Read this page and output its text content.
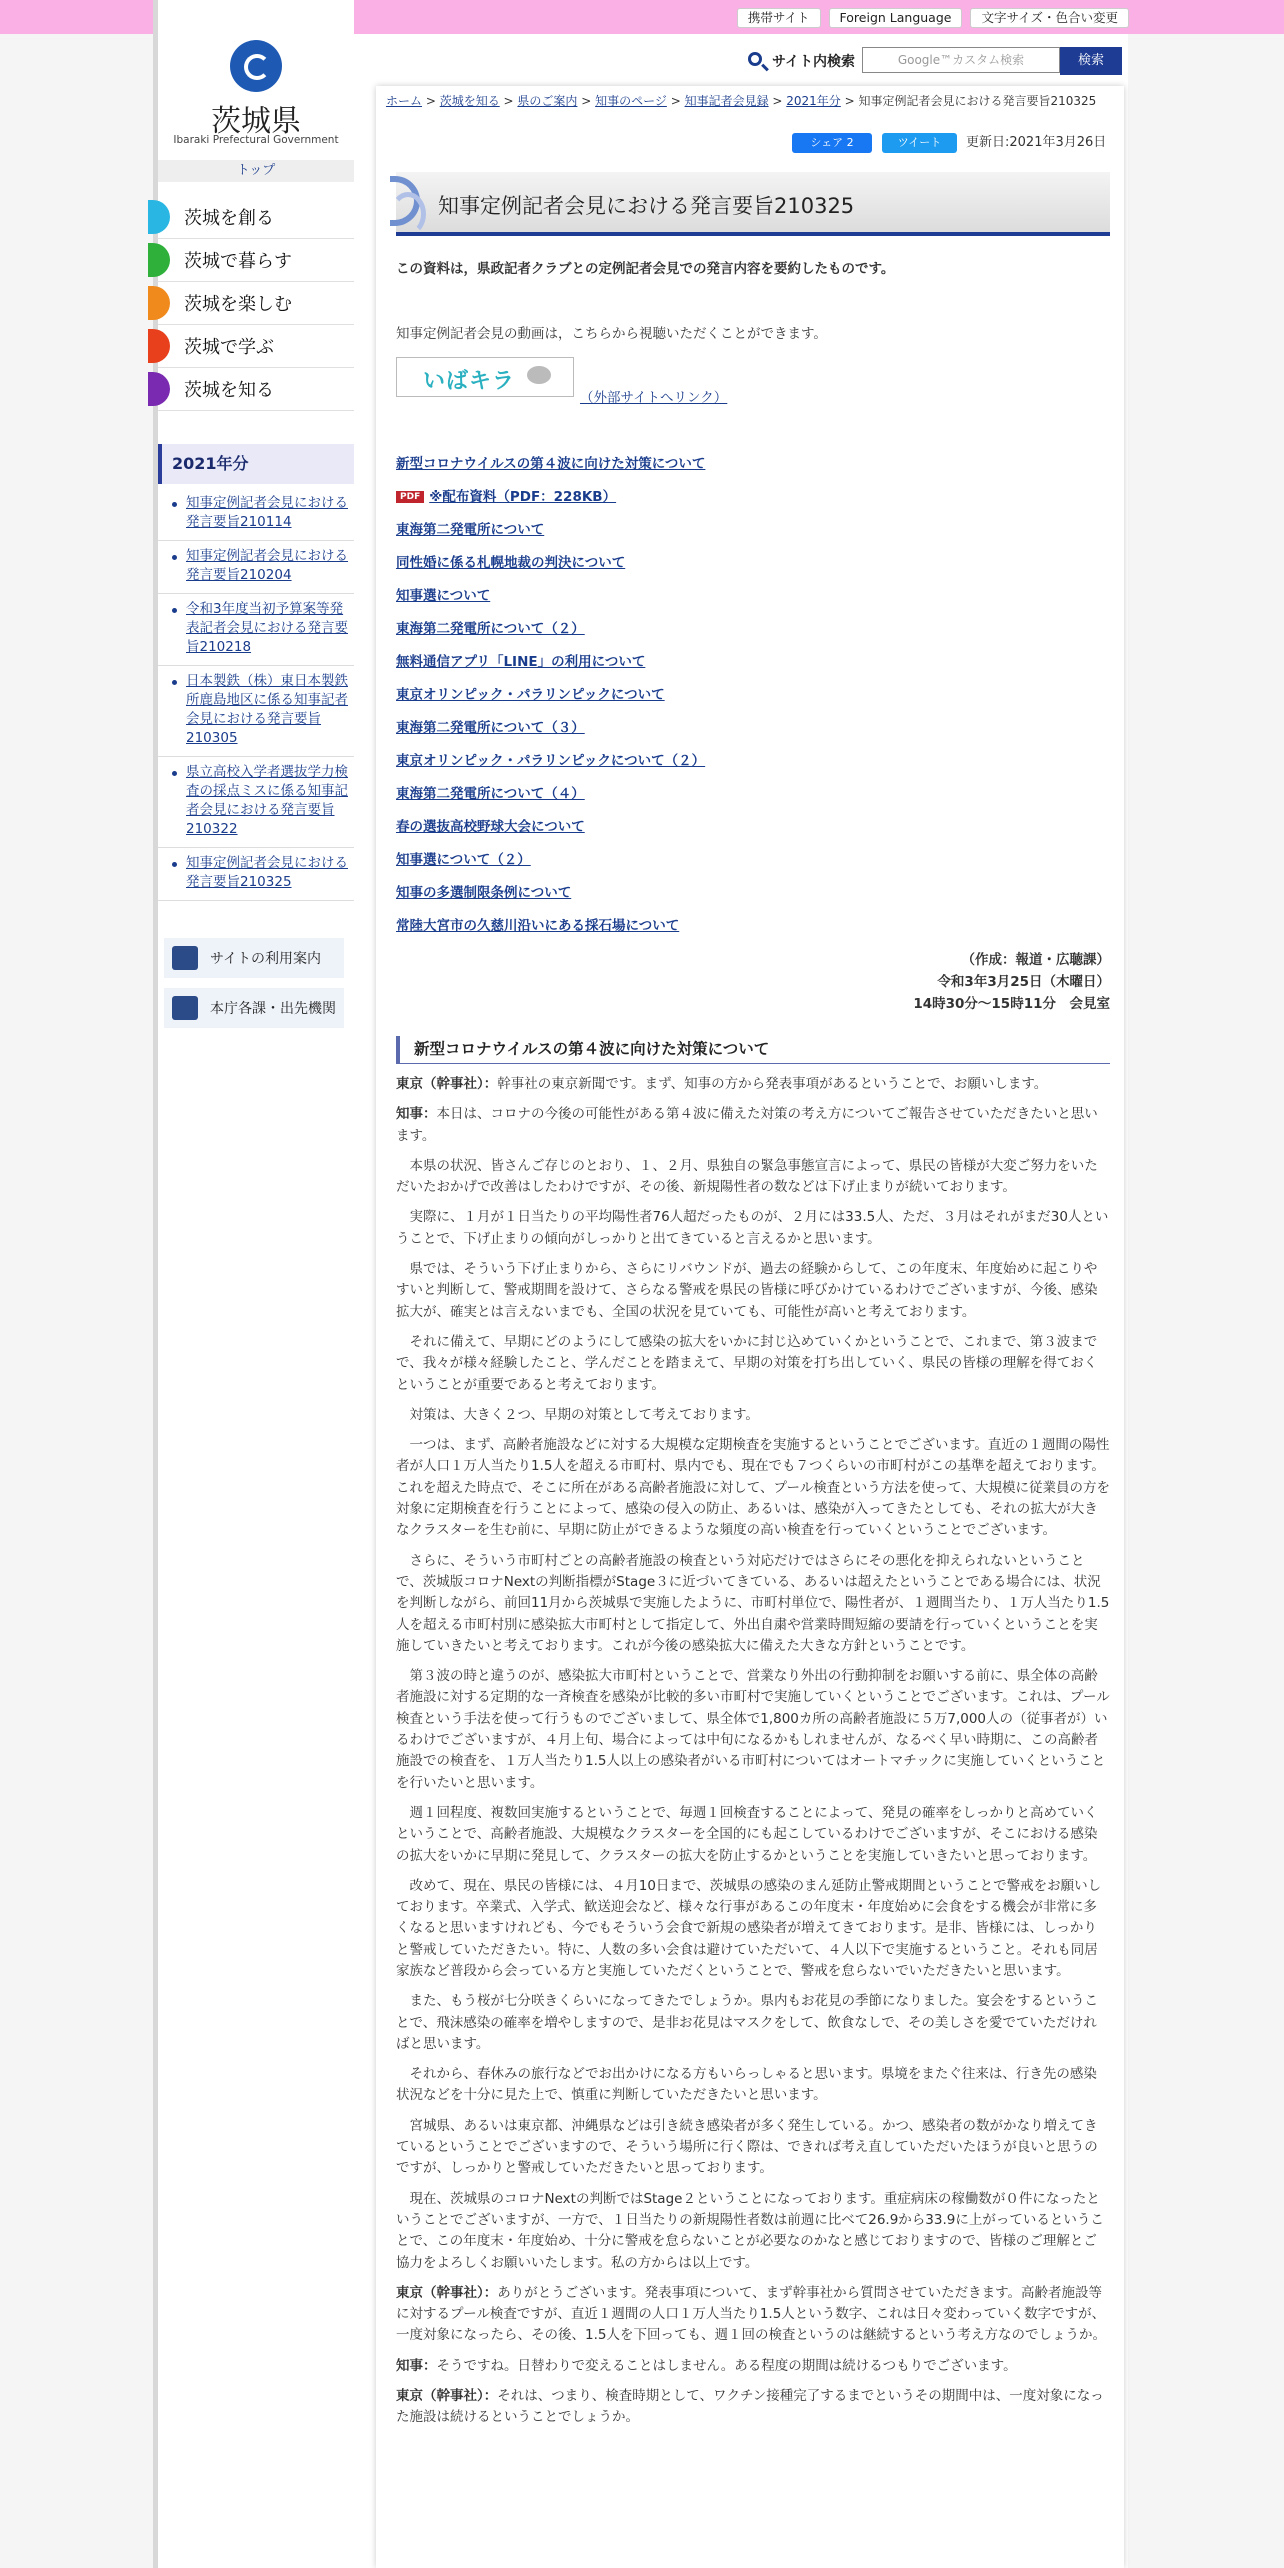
携帯サイト	Foreign Language	文字サイズ・色合い変更
茨城県
Ibaraki Prefectural Government
トップ
茨城を創る
茨城で暮らす
茨城を楽しむ
茨城で学ぶ
茨城を知る
2021年分
知事定例記者会見における発言要旨210114
知事定例記者会見における発言要旨210204
令和3年度当初予算案等発表記者会見における発言要旨210218
日本製鉄（株）東日本製鉄所鹿島地区に係る知事記者会見における発言要旨210305
県立高校入学者選抜学力検査の採点ミスに係る知事記者会見における発言要旨210322
知事定例記者会見における発言要旨210325
サイトの利用案内
本庁各課・出先機関
サイト内検索	Google™カスタム検索	検索
ホーム > 茨城を知る > 県のご案内 > 知事のページ > 知事記者会見録 > 2021年分 > 知事定例記者会見における発言要旨210325
シェア 2	ツイート	更新日:2021年3月26日
知事定例記者会見における発言要旨210325
この資料は，県政記者クラブとの定例記者会見での発言内容を要約したものです。
知事定例記者会見の動画は，こちらから視聴いただくことができます。
いばキラ
（外部サイトへリンク）
新型コロナウイルスの第４波に向けた対策について
PDF ※配布資料（PDF：228KB）
東海第二発電所について
同性婚に係る札幌地裁の判決について
知事選について
東海第二発電所について（２）
無料通信アプリ「LINE」の利用について
東京オリンピック・パラリンピックについて
東海第二発電所について（３）
東京オリンピック・パラリンピックについて（２）
東海第二発電所について（４）
春の選抜高校野球大会について
知事選について（２）
知事の多選制限条例について
常陸大宮市の久慈川沿いにある採石場について
（作成：報道・広聴課）
令和3年3月25日（木曜日）
14時30分～15時11分　会見室
新型コロナウイルスの第４波に向けた対策について

東京（幹事社）：幹事社の東京新聞です。まず、知事の方から発表事項があるということで、お願いします。

知事：本日は、コロナの今後の可能性がある第４波に備えた対策の考え方についてご報告させていただきたいと思います。

本県の状況、皆さんご存じのとおり、１、２月、県独自の緊急事態宣言によって、県民の皆様が大変ご努力をいただいたおかげで改善はしたわけですが、その後、新規陽性者の数などは下げ止まりが続いております。

実際に、１月が１日当たりの平均陽性者76人超だったものが、２月には33.5人、ただ、３月はそれがまだ30人ということで、下げ止まりの傾向がしっかりと出てきていると言えるかと思います。

県では、そういう下げ止まりから、さらにリバウンドが、過去の経験からして、この年度末、年度始めに起こりやすいと判断して、警戒期間を設けて、さらなる警戒を県民の皆様に呼びかけているわけでございますが、今後、感染拡大が、確実とは言えないまでも、全国の状況を見ていても、可能性が高いと考えております。

それに備えて、早期にどのようにして感染の拡大をいかに封じ込めていくかということで、これまで、第３波までで、我々が様々経験したこと、学んだことを踏まえて、早期の対策を打ち出していく、県民の皆様の理解を得ておくということが重要であると考えております。

対策は、大きく２つ、早期の対策として考えております。

一つは、まず、高齢者施設などに対する大規模な定期検査を実施するということでございます。直近の１週間の陽性者が人口１万人当たり1.5人を超える市町村、県内でも、現在でも７つくらいの市町村がこの基準を超えております。これを超えた時点で、そこに所在がある高齢者施設に対して、プール検査という方法を使って、大規模に従業員の方を対象に定期検査を行うことによって、感染の侵入の防止、あるいは、感染が入ってきたとしても、それの拡大が大きなクラスターを生む前に、早期に防止ができるような頻度の高い検査を行っていくということでございます。

さらに、そういう市町村ごとの高齢者施設の検査という対応だけではさらにその悪化を抑えられないということで、茨城版コロナNextの判断指標がStage３に近づいてきている、あるいは超えたということである場合には、状況を判断しながら、前回11月から茨城県で実施したように、市町村単位で、陽性者が、１週間当たり、１万人当たり1.5人を超える市町村別に感染拡大市町村として指定して、外出自粛や営業時間短縮の要請を行っていくということを実施していきたいと考えております。これが今後の感染拡大に備えた大きな方針ということです。

第３波の時と違うのが、感染拡大市町村ということで、営業なり外出の行動抑制をお願いする前に、県全体の高齢者施設に対する定期的な一斉検査を感染が比較的多い市町村で実施していくということでございます。これは、プール検査という手法を使って行うものでございまして、県全体で1,800カ所の高齢者施設に５万7,000人の（従事者が）いるわけでございますが、４月上旬、場合によっては中旬になるかもしれませんが、なるべく早い時期に、この高齢者施設での検査を、１万人当たり1.5人以上の感染者がいる市町村についてはオートマチックに実施していくということを行いたいと思います。

週１回程度、複数回実施するということで、毎週１回検査することによって、発見の確率をしっかりと高めていくということで、高齢者施設、大規模なクラスターを全国的にも起こしているわけでございますが、そこにおける感染の拡大をいかに早期に発見して、クラスターの拡大を防止するかということを実施していきたいと思っております。

改めて、現在、県民の皆様には、４月10日まで、茨城県の感染のまん延防止警戒期間ということで警戒をお願いしております。卒業式、入学式、歓送迎会など、様々な行事があるこの年度末・年度始めに会食をする機会が非常に多くなると思いますけれども、今でもそういう会食で新規の感染者が増えてきております。是非、皆様には、しっかりと警戒していただきたい。特に、人数の多い会食は避けていただいて、４人以下で実施するということ。それも同居家族など普段から会っている方と実施していただくということで、警戒を怠らないでいただきたいと思います。

また、もう桜が七分咲きくらいになってきたでしょうか。県内もお花見の季節になりました。宴会をするということで、飛沫感染の確率を増やしますので、是非お花見はマスクをして、飲食なしで、その美しさを愛でていただければと思います。

それから、春休みの旅行などでお出かけになる方もいらっしゃると思います。県境をまたぐ往来は、行き先の感染状況などを十分に見た上で、慎重に判断していただきたいと思います。

宮城県、あるいは東京都、沖縄県などは引き続き感染者が多く発生している。かつ、感染者の数がかなり増えてきているということでございますので、そういう場所に行く際は、できれば考え直していただいたほうが良いと思うのですが、しっかりと警戒していただきたいと思っております。

現在、茨城県のコロナNextの判断ではStage２ということになっております。重症病床の稼働数が０件になったということでございますが、一方で、１日当たりの新規陽性者数は前週に比べて26.9から33.9に上がっているということで、この年度末・年度始め、十分に警戒を怠らないことが必要なのかなと感じておりますので、皆様のご理解とご協力をよろしくお願いいたします。私の方からは以上です。

東京（幹事社）：ありがとうございます。発表事項について、まず幹事社から質問させていただきます。高齢者施設等に対するプール検査ですが、直近１週間の人口１万人当たり1.5人という数字、これは日々変わっていく数字ですが、一度対象になったら、その後、1.5人を下回っても、週１回の検査というのは継続するという考え方なのでしょうか。

知事：そうですね。日替わりで変えることはしません。ある程度の期間は続けるつもりでございます。

東京（幹事社）：それは、つまり、検査時期として、ワクチン接種完了するまでというその期間中は、一度対象になった施設は続けるということでしょうか。
